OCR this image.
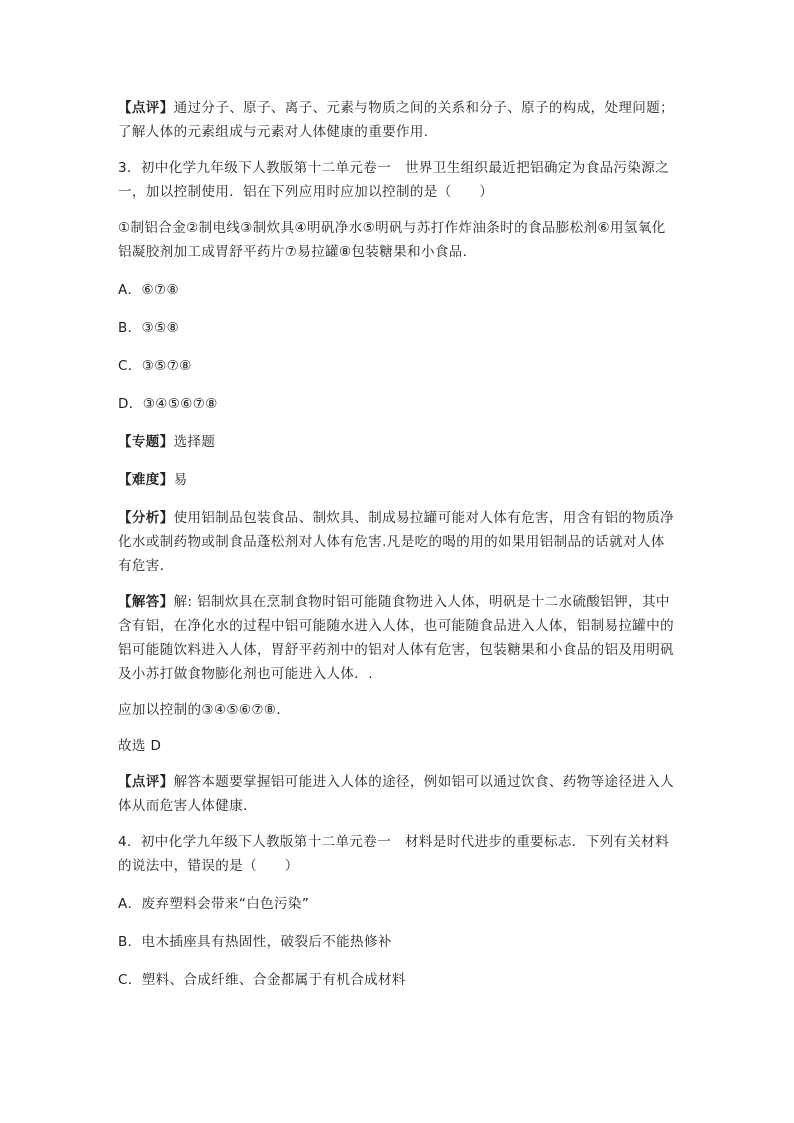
【点评】通过分子、原子、离子、元素与物质之间的关系和分子、原子的构成，处理问题；了解人体的元素组成与元素对人体健康的重要作用.

3．初中化学九年级下人教版第十二单元卷一　世界卫生组织最近把铝确定为食品污染源之一，加以控制使用．铝在下列应用时应加以控制的是（　　）

①制铝合金②制电线③制炊具④明矾净水⑤明矾与苏打作炸油条时的食品膨松剂⑥用氢氧化铝凝胶剂加工成胃舒平药片⑦易拉罐⑧包装糖果和小食品．

A．⑥⑦⑧

B．③⑤⑧

C．③⑤⑦⑧

D．③④⑤⑥⑦⑧

【专题】选择题

【难度】易

【分析】使用铝制品包装食品、制炊具、制成易拉罐可能对人体有危害，用含有铝的物质净化水或制药物或制食品蓬松剂对人体有危害.凡是吃的喝的用的如果用铝制品的话就对人体有危害．

【解答】解: 铝制炊具在烹制食物时铝可能随食物进入人体，明矾是十二水硫酸铝钾，其中含有铝，在净化水的过程中铝可能随水进入人体，也可能随食品进入人体，铝制易拉罐中的铝可能随饮料进入人体，胃舒平药剂中的铝对人体有危害，包装糖果和小食品的铝及用明矾及小苏打做食物膨化剂也可能进入人体．.

应加以控制的③④⑤⑥⑦⑧．

故选 D

【点评】解答本题要掌握铝可能进入人体的途径，例如铝可以通过饮食、药物等途径进入人体从而危害人体健康．

4．初中化学九年级下人教版第十二单元卷一　材料是时代进步的重要标志．下列有关材料的说法中，错误的是（　　）

A．废弃塑料会带来“白色污染”

B．电木插座具有热固性，破裂后不能热修补

C．塑料、合成纤维、合金都属于有机合成材料
